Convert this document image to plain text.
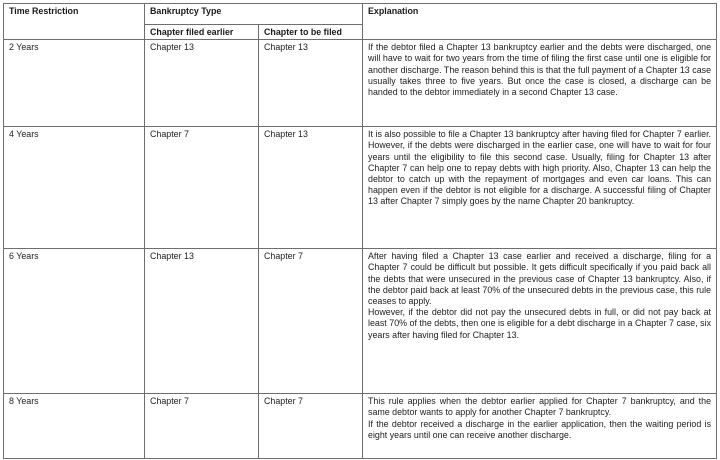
Time Restriction	Bankruptcy Type		Explanation
	Chapter filed earlier	Chapter to be filed	
2 Years	Chapter 13	Chapter 13	If the debtor filed a Chapter 13 bankruptcy earlier and the debts were discharged, one will have to wait for two years from the time of filing the first case until one is eligible for another discharge. The reason behind this is that the full payment of a Chapter 13 case usually takes three to five years. But once the case is closed, a discharge can be handed to the debtor immediately in a second Chapter 13 case.

4 Years	Chapter 7	Chapter 13	It is also possible to file a Chapter 13 bankruptcy after having filed for Chapter 7 earlier. However, if the debts were discharged in the earlier case, one will have to wait for four years until the eligibility to file this second case. Usually, filing for Chapter 13 after Chapter 7 can help one to repay debts with high priority. Also, Chapter 13 can help the debtor to catch up with the repayment of mortgages and even car loans. This can happen even if the debtor is not eligible for a discharge. A successful filing of Chapter 13 after Chapter 7 simply goes by the name Chapter 20 bankruptcy.

6 Years	Chapter 13	Chapter 7	After having filed a Chapter 13 case earlier and received a discharge, filing for a Chapter 7 could be difficult but possible. It gets difficult specifically if you paid back all the debts that were unsecured in the previous case of Chapter 13 bankruptcy. Also, if the debtor paid back at least 70% of the unsecured debts in the previous case, this rule ceases to apply.

However, if the debtor did not pay the unsecured debts in full, or did not pay back at least 70% of the debts, then one is eligible for a debt discharge in a Chapter 7 case, six years after having filed for Chapter 13.

8 Years	Chapter 7	Chapter 7	This rule applies when the debtor earlier applied for Chapter 7 bankruptcy, and the same debtor wants to apply for another Chapter 7 bankruptcy.

If the debtor received a discharge in the earlier application, then the waiting period is eight years until one can receive another discharge.
